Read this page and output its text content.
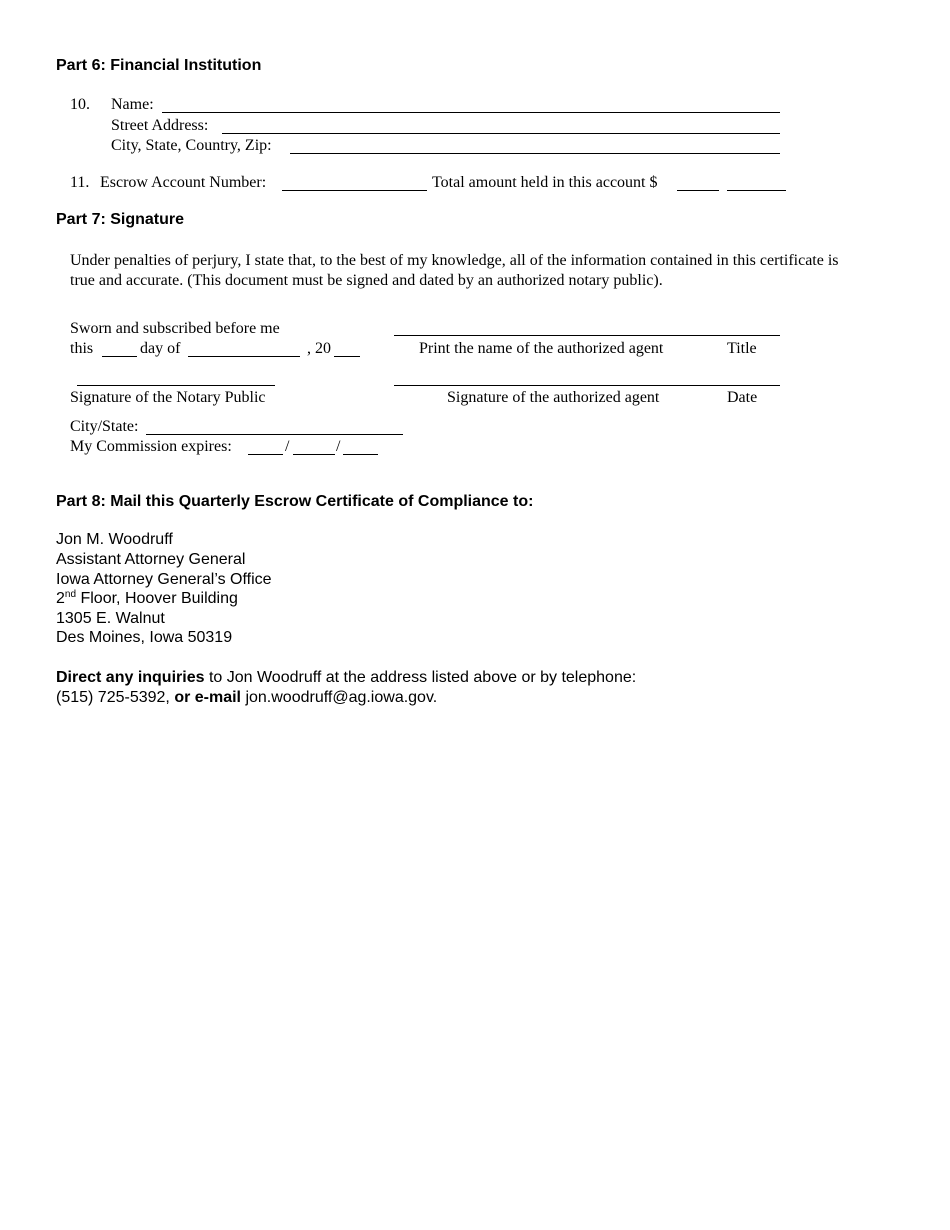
Part 6: Financial Institution
10. Name:
Street Address:
City, State, Country, Zip:
11. Escrow Account Number:	Total amount held in this account $
Part 7: Signature
Under penalties of perjury, I state that, to the best of my knowledge, all of the information contained in this certificate is
true and accurate. (This document must be signed and dated by an authorized notary public).
Sworn and subscribed before me
this	day of	, 20	Print the name of the authorized agent	Title
Signature of the Notary Public	Signature of the authorized agent	Date
City/State:
My Commission expires:	/	/
Part 8: Mail this Quarterly Escrow Certificate of Compliance to:
Jon M. Woodruff
Assistant Attorney General
Iowa Attorney General’s Office
2nd Floor, Hoover Building
1305 E. Walnut
Des Moines, Iowa 50319
Direct any inquiries to Jon Woodruff at the address listed above or by telephone:
(515) 725-5392, or e-mail jon.woodruff@ag.iowa.gov.
